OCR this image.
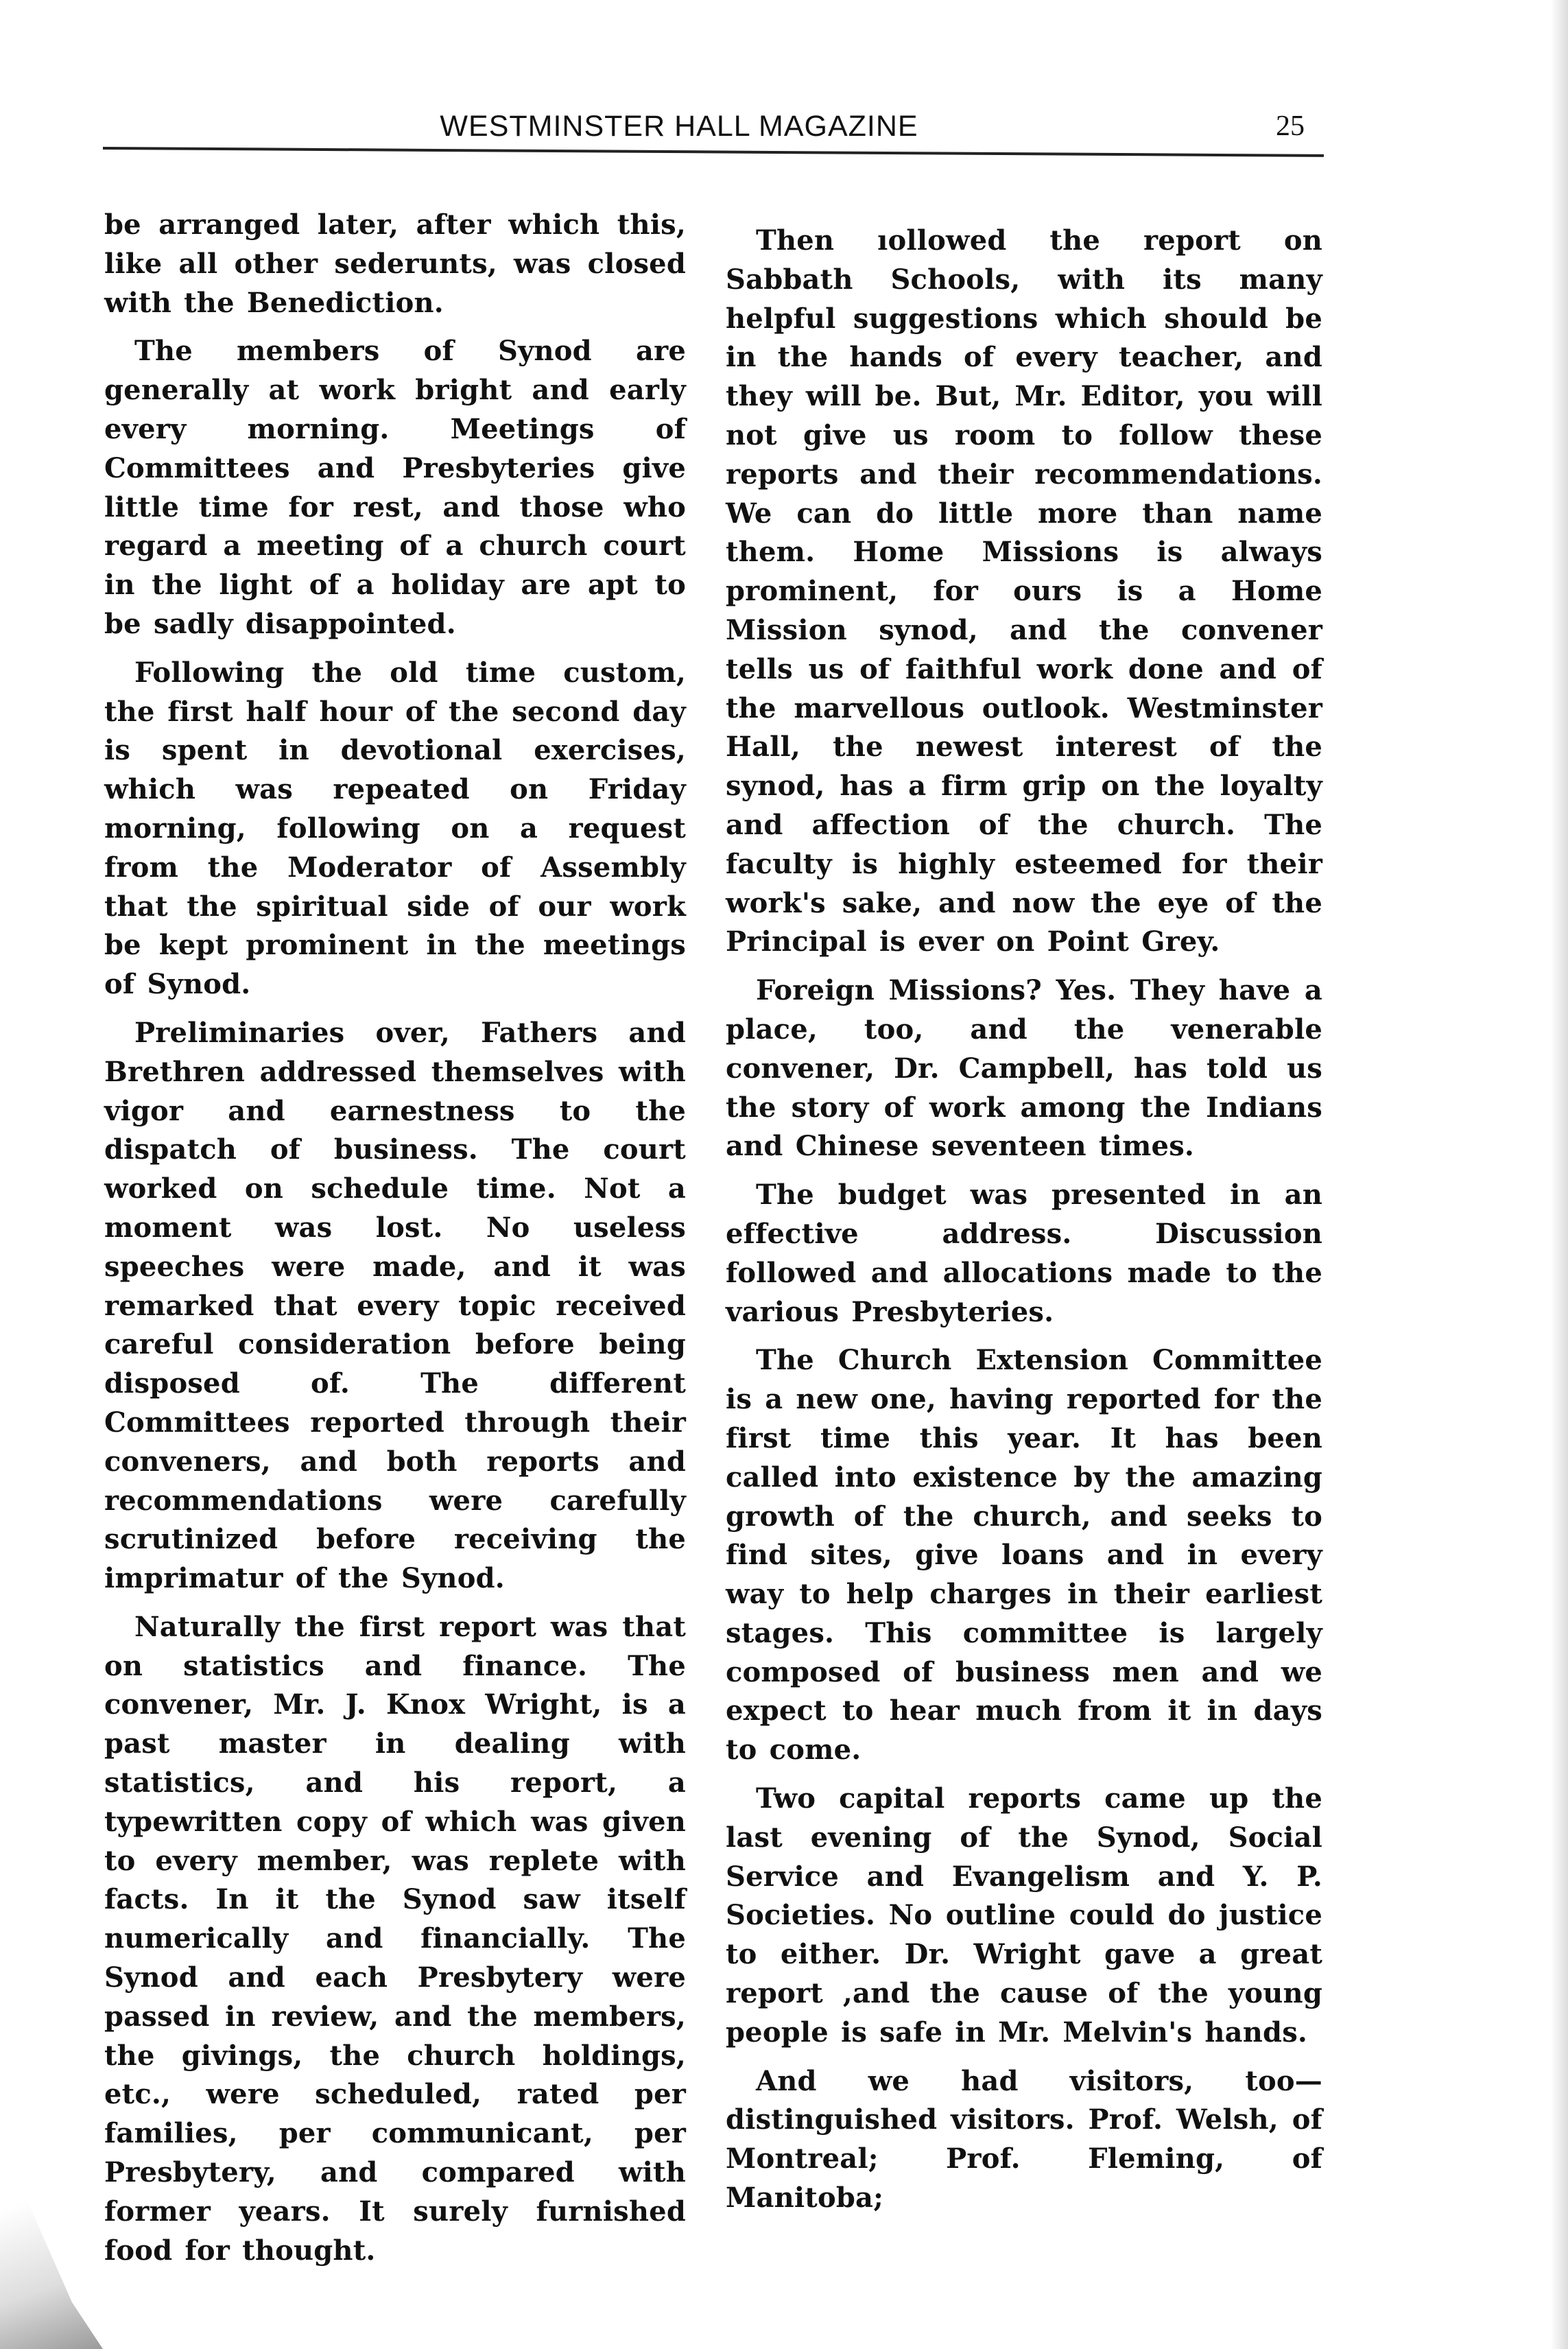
WESTMINSTER HALL MAGAZINE	25

be arranged later, after which this, like all other sederunts, was closed with the Benediction.

The members of Synod are generally at work bright and early every morning. Meetings of Committees and Presbyteries give little time for rest, and those who regard a meeting of a church court in the light of a holiday are apt to be sadly disappointed.

Following the old time custom, the first half hour of the second day is spent in devotional exercises, which was repeated on Friday morning, following on a request from the Moderator of Assembly that the spiritual side of our work be kept prominent in the meetings of Synod.

Preliminaries over, Fathers and Brethren addressed themselves with vigor and earnestness to the dispatch of business. The court worked on schedule time. Not a moment was lost. No useless speeches were made, and it was remarked that every topic received careful consideration before being disposed of. The different Committees reported through their conveners, and both reports and recommendations were carefully scrutinized before receiving the imprimatur of the Synod.

Naturally the first report was that on statistics and finance. The convener, Mr. J. Knox Wright, is a past master in dealing with statistics, and his report, a typewritten copy of which was given to every member, was replete with facts. In it the Synod saw itself numerically and financially. The Synod and each Presbytery were passed in review, and the members, the givings, the church holdings, etc., were scheduled, rated per families, per communicant, per Presbytery, and compared with former years. It surely furnished food for thought.

Then ıollowed the report on Sabbath Schools, with its many helpful suggestions which should be in the hands of every teacher, and they will be. But, Mr. Editor, you will not give us room to follow these reports and their recommendations. We can do little more than name them. Home Missions is always prominent, for ours is a Home Mission synod, and the convener tells us of faithful work done and of the marvellous outlook. Westminster Hall, the newest interest of the synod, has a firm grip on the loyalty and affection of the church. The faculty is highly esteemed for their work's sake, and now the eye of the Principal is ever on Point Grey.

Foreign Missions? Yes. They have a place, too, and the venerable convener, Dr. Campbell, has told us the story of work among the Indians and Chinese seventeen times.

The budget was presented in an effective address. Discussion followed and allocations made to the various Presbyteries.

The Church Extension Committee is a new one, having reported for the first time this year. It has been called into existence by the amazing growth of the church, and seeks to find sites, give loans and in every way to help charges in their earliest stages. This committee is largely composed of business men and we expect to hear much from it in days to come.

Two capital reports came up the last evening of the Synod, Social Service and Evangelism and Y. P. Societies. No outline could do justice to either. Dr. Wright gave a great report ,and the cause of the young people is safe in Mr. Melvin's hands.

And we had visitors, too—distinguished visitors. Prof. Welsh, of Montreal; Prof. Fleming, of Manitoba;
